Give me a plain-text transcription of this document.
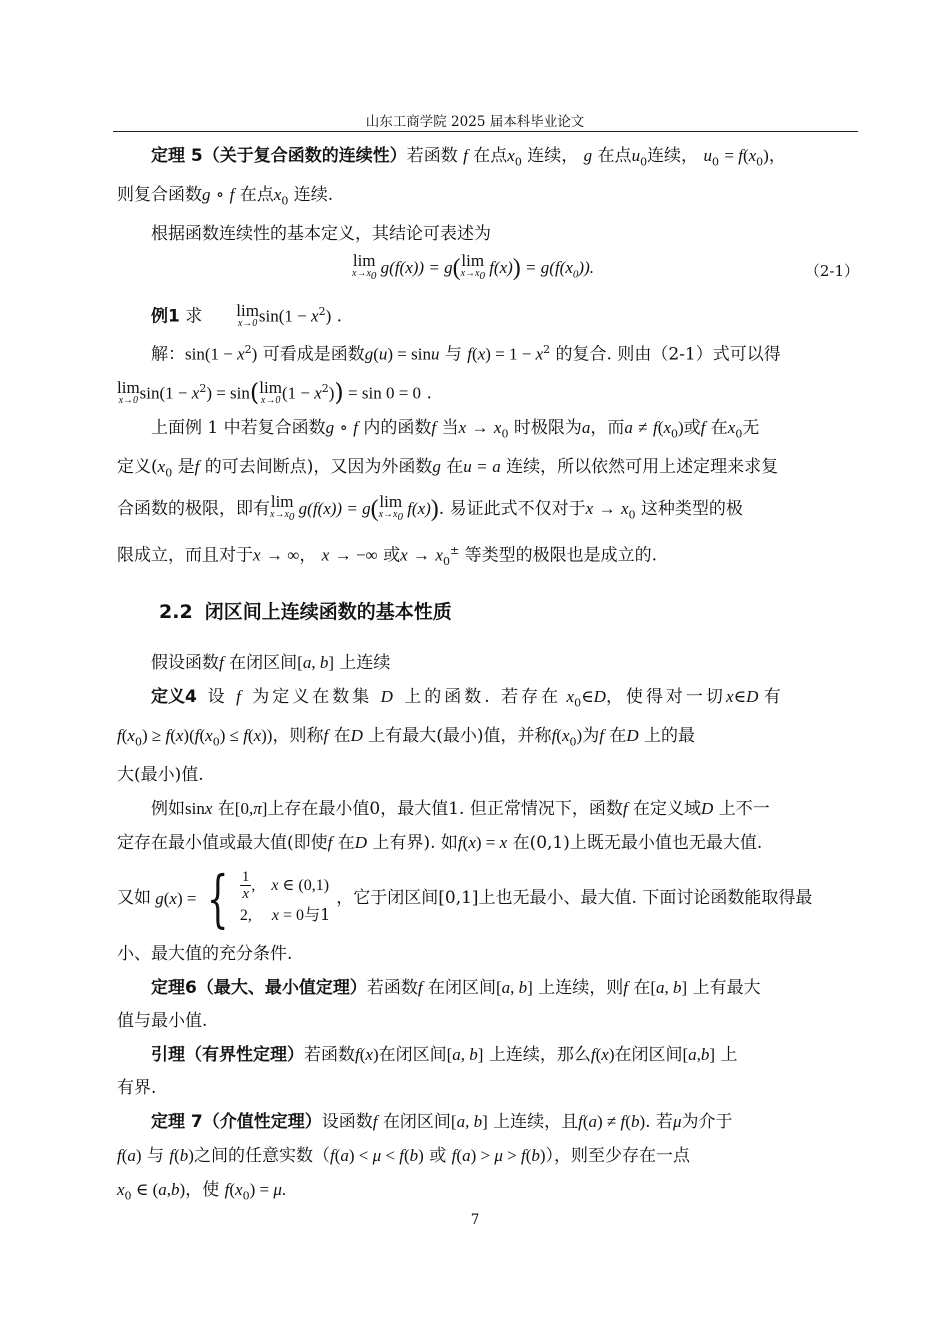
山东工商学院 2025 届本科毕业论文

定理 5（关于复合函数的连续性）若函数 f 在点$x_0$ 连续， g 在点$u_0$连续， $u_0 = f(x_0)$，

则复合函数g ∘ f 在点$x_0$ 连续.

根据函数连续性的基本定义，其结论可表述为

lim
$x\to x_0$ g(f(x)) = g( lim
$x\to x_0$ $f(x)) = g(f(x_0))$.	（2-1）

例1 求	lim
x→0 $\sin(1 - x^2)$ .

解：$\sin(1 - x^2)$ 可看成是函数g(u) = sinu 与 $f(x) = 1 - x^2$ 的复合. 则由（2-1）式可以得

lim
x→0 $\sin(1 - x^2) = \sin$( lim
x→0 $(1 - x^2)) = \sin 0 = 0$ .

上面例 1 中若复合函数g ∘ f 内的函数f 当$x \to x_0$ 时极限为a，而$a \ne f(x_0)$或f 在$x_0$无

定义($x_0$ 是f 的可去间断点)，又因为外函数g 在u = a 连续，所以依然可用上述定理来求复

合函数的极限，即有 lim
$x\to x_0$ g(f(x)) = g( lim
$x\to x_0$ f(x)). 易证此式不仅对于$x \to x_0$ 这种类型的极

限成立，而且对于x → ∞， x → −∞ 或$x \to x_0^\pm$ 等类型的极限也是成立的.

2.2 闭区间上连续函数的基本性质

假设函数f 在闭区间[a, b] 上连续

定义4 设 f 为定义在数集 D 上的函数. 若存在 $x_0\in D$，使得对一切x∈D 有

$f(x_0) \ge f(x)(f(x_0) \le f(x))$，则称f 在D 上有最大(最小)值，并称$f(x_0)$为f 在D 上的最

大(最小)值.

例如sinx 在[0,π]上存在最小值0，最大值1. 但正常情况下，函数f 在定义域D 上不一

定存在最小值或最大值(即使f 在D 上有界). 如f(x) = x 在(0,1)上既无最小值也无最大值.

又如 g ( x ) = { $\frac{1}{x}$ ,    x ∈ (0,1)
2,     x = 0与1
，它于闭区间[0,1]上也无最小、最大值. 下面讨论函数能取得最

小、最大值的充分条件.

定理6（最大、最小值定理）若函数f 在闭区间[a, b] 上连续，则f 在[a, b] 上有最大

值与最小值.

引理（有界性定理）若函数f(x)在闭区间[a, b] 上连续，那么f(x)在闭区间[a,b] 上

有界.

定理 7（介值性定理）设函数f 在闭区间[a, b] 上连续，且f(a) ≠ f(b). 若μ为介于

f(a) 与 f(b)之间的任意实数（f(a) < μ < f(b) 或 f(a) > μ > f(b)），则至少存在一点

$x_0$ ∈ (a,b)，使 $f(x_0) = \mu$.

7
